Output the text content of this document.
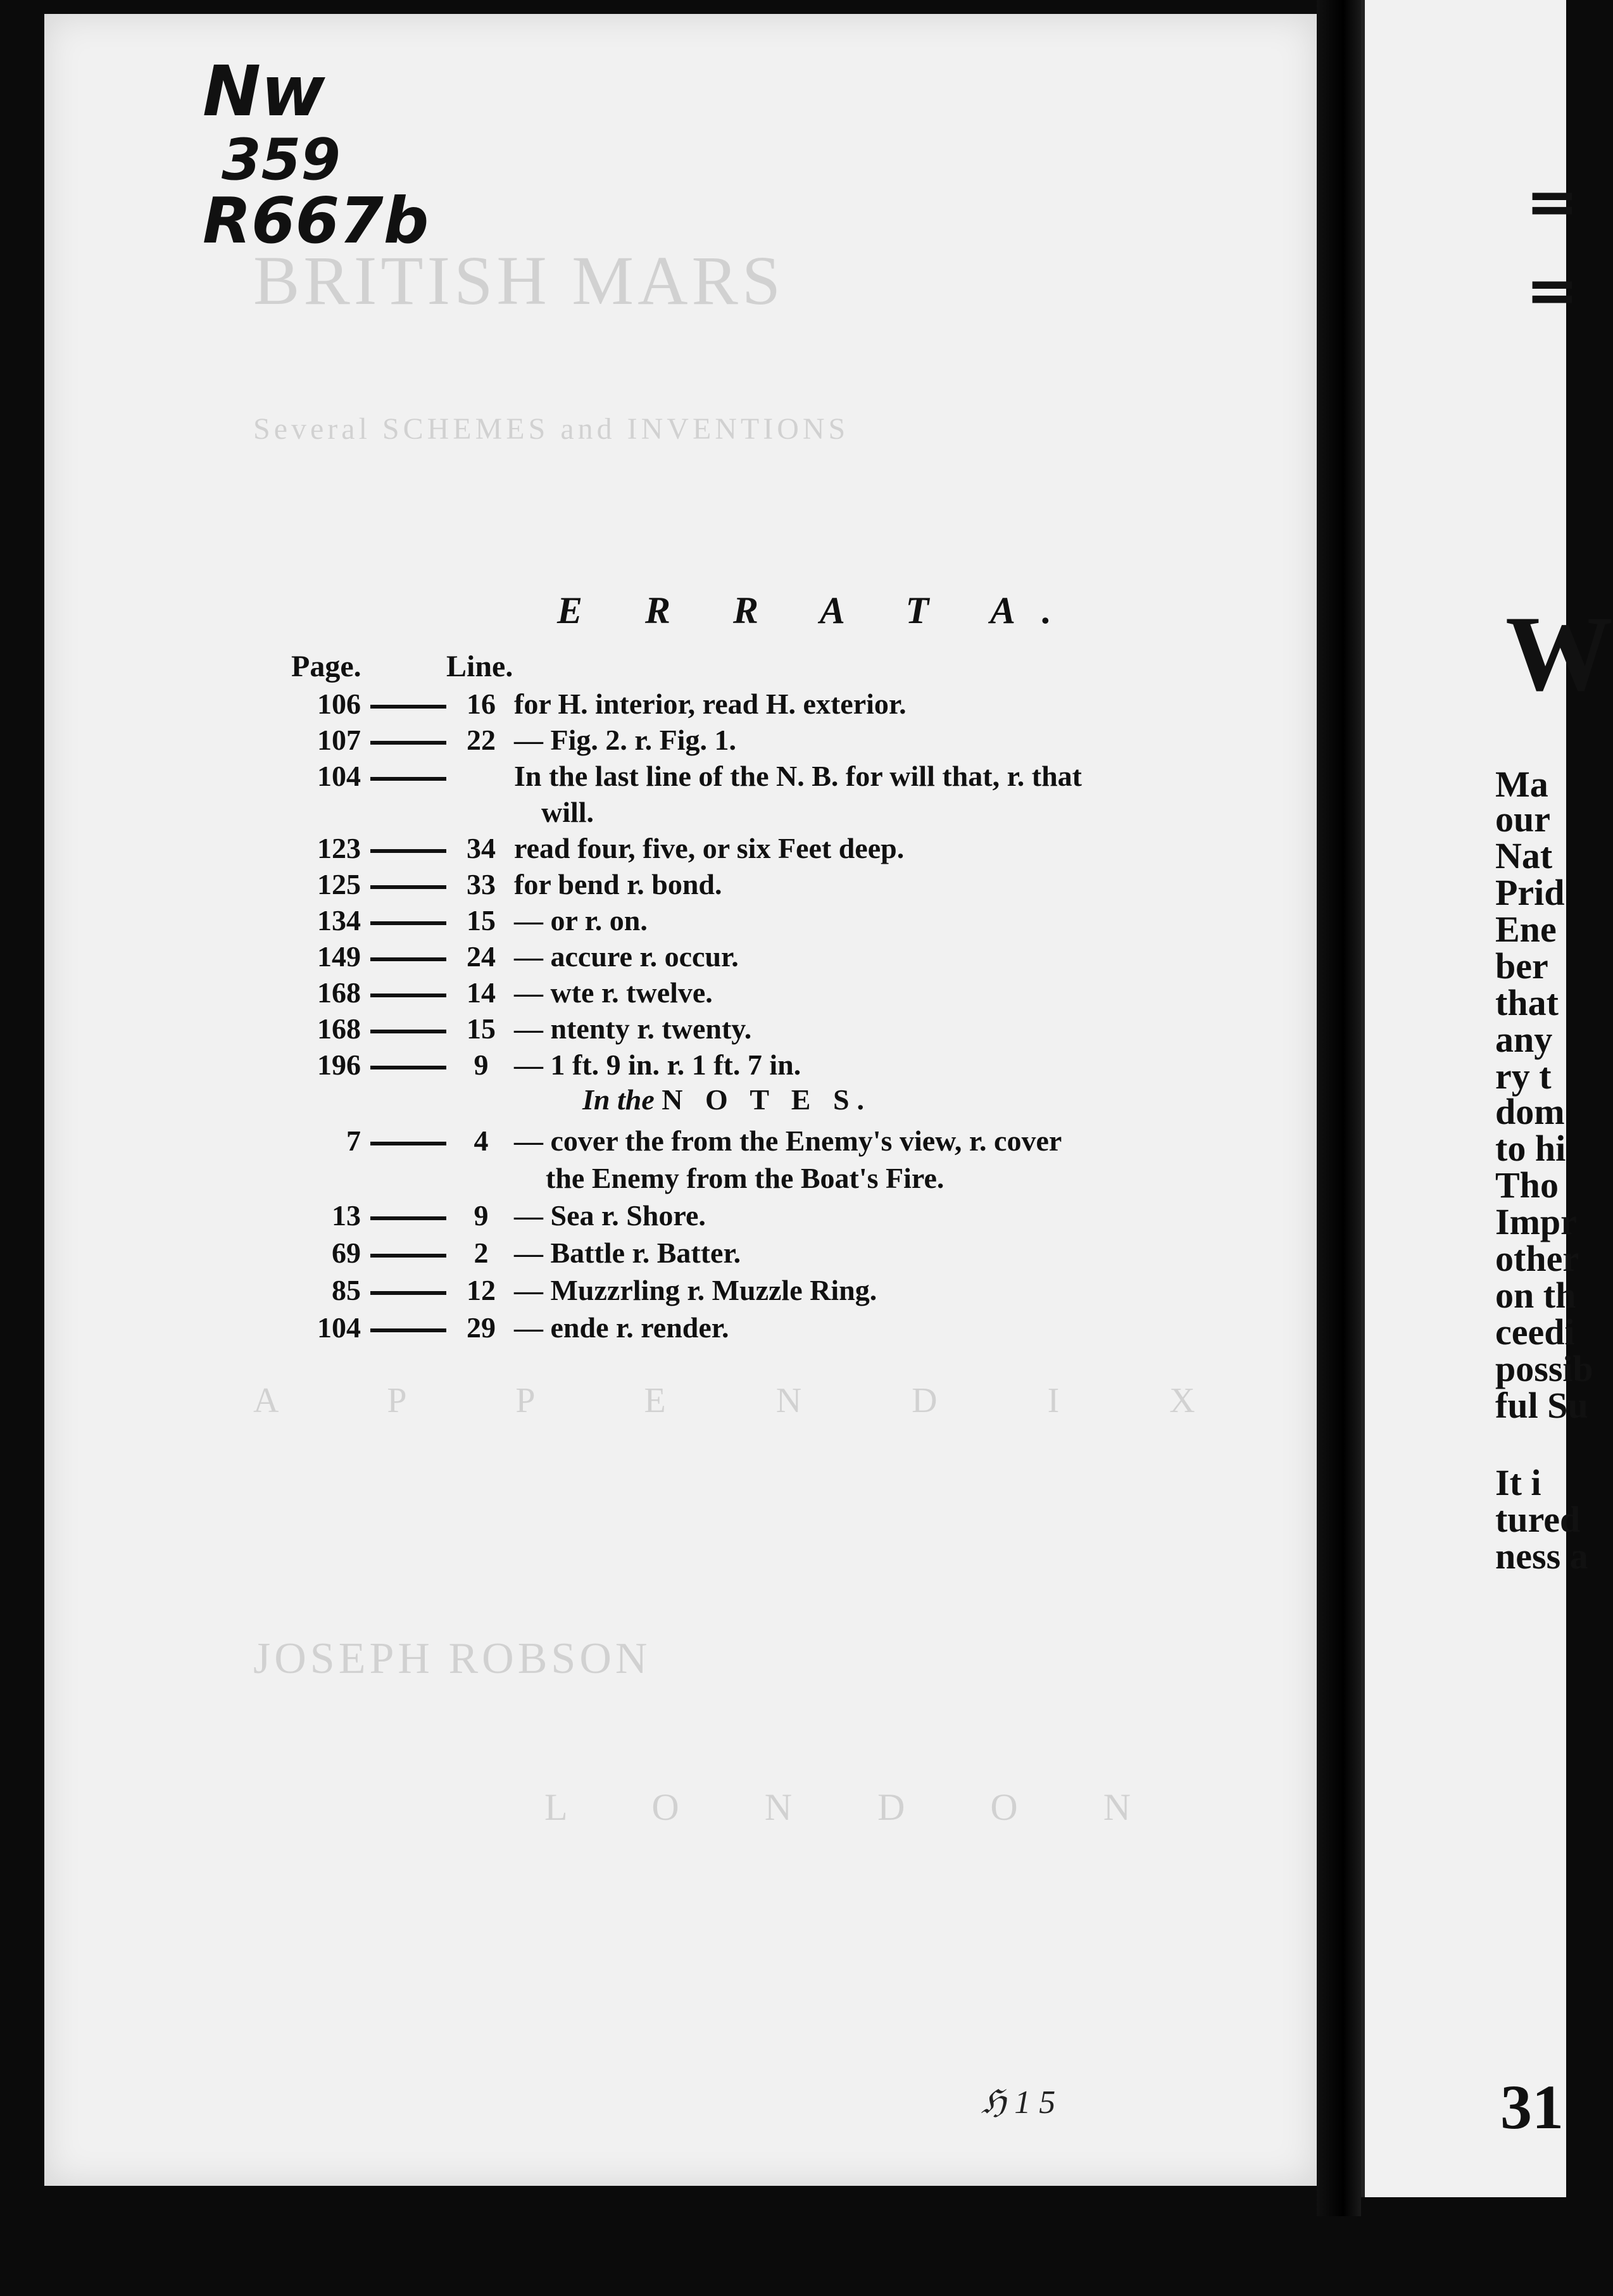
BRITISH MARS
Several SCHEMES and INVENTIONS
JOSEPH ROBSON
A P P E N D I X
L O N D O N
Nw
359
R667b
E R R A T A.
Page.	Line.
106	16 for H. interior, read H. exterior.
107	22 — Fig. 2. r. Fig. 1.
104	In the last line of the N. B. for will that, r. that
will.
123	34 read four, five, or six Feet deep.
125	33 for bend r. bond.
134	15 — or r. on.
149	24 — accure r. occur.
168	14 — wte r. twelve.
168	15 — ntenty r. twenty.
196	9 — 1 ft. 9 in. r. 1 ft. 7 in.
In the N O T E S.
7	4 — cover the from the Enemy's view, r. cover
the Enemy from the Boat's Fire.
13	9 — Sea r. Shore.
69	2 — Battle r. Batter.
85	12 — Muzzrling r. Muzzle Ring.
104	29 — ende r. render.
ℌ 1 5
=
=
W
Ma
our
Nat
Prid
Ene
ber
that
any
ry t
dom
to hi
Tho
Impr
other
on th
ceedi
possib
ful Su
It i
tured
ness a
31
